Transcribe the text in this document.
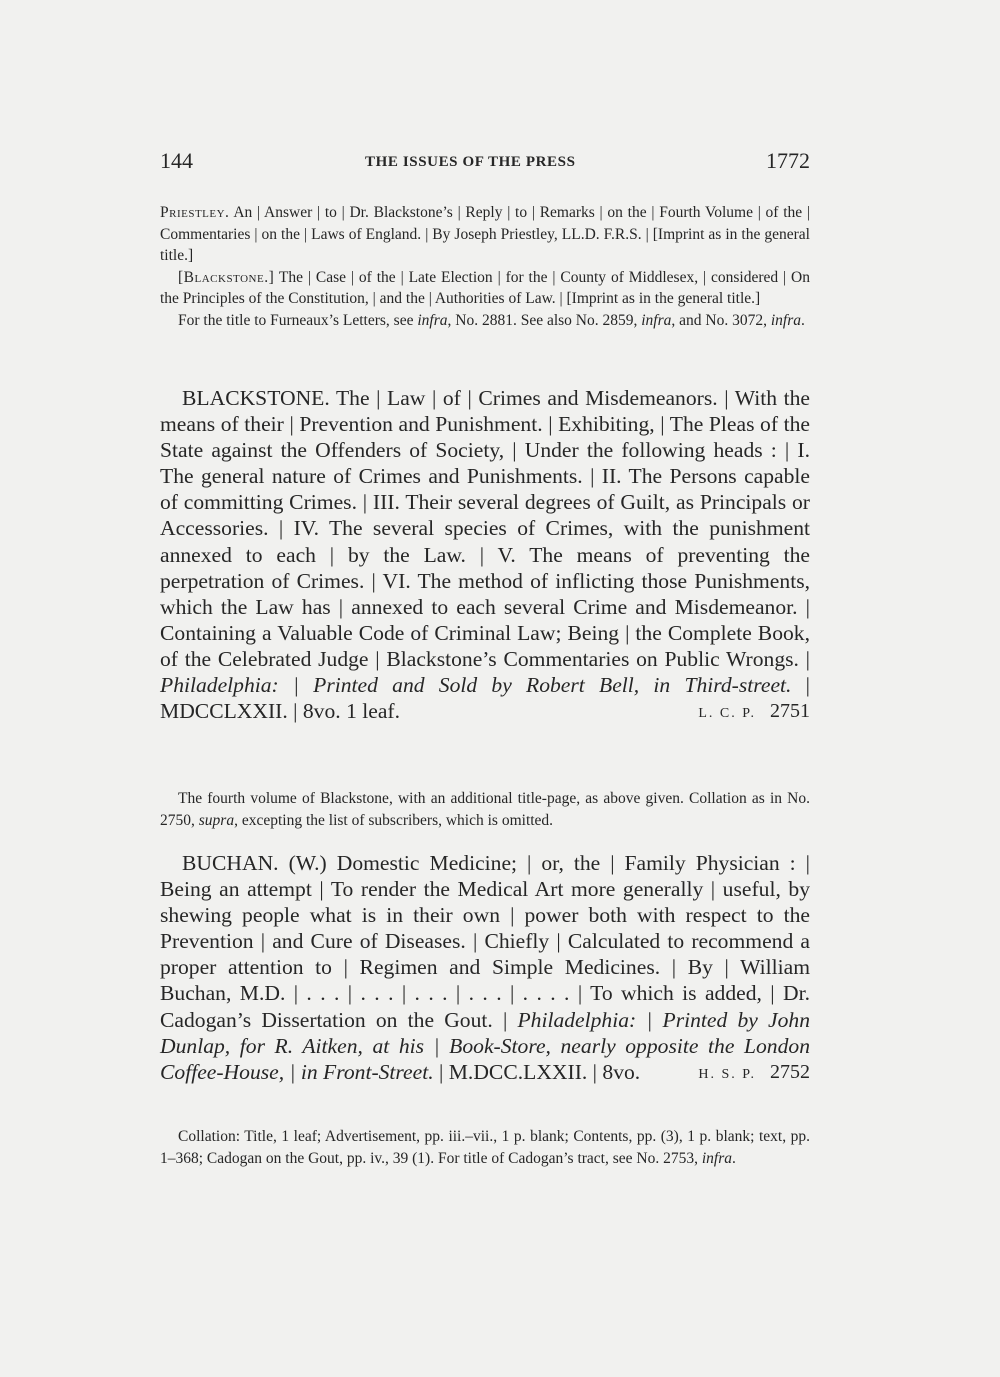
144	THE ISSUES OF THE PRESS	1772

Priestley. An | Answer | to | Dr. Blackstone’s | Reply | to | Remarks | on the | Fourth Volume | of the | Commentaries | on the | Laws of England. | By Joseph Priestley, LL.D. F.R.S. | [Imprint as in the general title.]

[Blackstone.] The | Case | of the | Late Election | for the | County of Middlesex, | considered | On the Principles of the Constitution, | and the | Authorities of Law. | [Imprint as in the general title.]

For the title to Furneaux’s Letters, see infra, No. 2881. See also No. 2859, infra, and No. 3072, infra.

BLACKSTONE. The | Law | of | Crimes and Misdemeanors. | With the means of their | Prevention and Punishment. | Exhibiting, | The Pleas of the State against the Offenders of Society, | Under the following heads : | I. The general nature of Crimes and Punishments. | II. The Persons capable of committing Crimes. | III. Their several degrees of Guilt, as Principals or Accessories. | IV. The several species of Crimes, with the punishment annexed to each | by the Law. | V. The means of preventing the perpetration of Crimes. | VI. The method of inflicting those Punishments, which the Law has | annexed to each several Crime and Misdemeanor. | Containing a Valuable Code of Criminal Law; Being | the Complete Book, of the Celebrated Judge | Blackstone’s Commentaries on Public Wrongs. | Philadelphia: | Printed and Sold by Robert Bell, in Third-street. | MDCCLXXII. | 8vo. 1 leaf.	L. C. P. 2751

The fourth volume of Blackstone, with an additional title-page, as above given. Collation as in No. 2750, supra, excepting the list of subscribers, which is omitted.

BUCHAN. (W.) Domestic Medicine; | or, the | Family Physician : | Being an attempt | To render the Medical Art more generally | useful, by shewing people what is in their own | power both with respect to the Prevention | and Cure of Diseases. | Chiefly | Calculated to recommend a proper attention to | Regimen and Simple Medicines. | By | William Buchan, M.D. | . . . | . . . | . . . | . . . | . . . . | To which is added, | Dr. Cadogan’s Dissertation on the Gout. | Philadelphia: | Printed by John Dunlap, for R. Aitken, at his | Book-Store, nearly opposite the London Coffee-House, | in Front-Street. | M.DCC.LXXII. | 8vo.	H. S. P. 2752

Collation: Title, 1 leaf; Advertisement, pp. iii.–vii., 1 p. blank; Contents, pp. (3), 1 p. blank; text, pp. 1–368; Cadogan on the Gout, pp. iv., 39 (1). For title of Cadogan’s tract, see No. 2753, infra.
